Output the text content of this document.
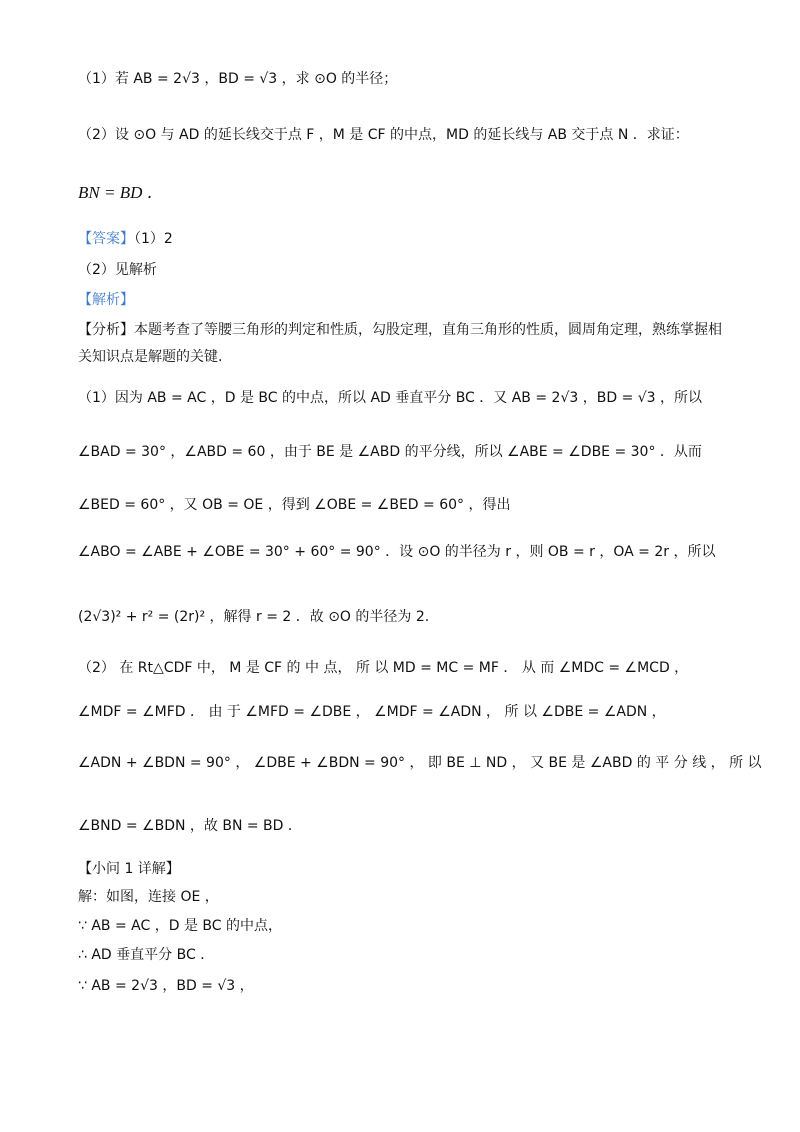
（1）若 AB = 2√3 ，BD = √3 ，求 ⊙O 的半径；
（2）设 ⊙O 与 AD 的延长线交于点 F ，M 是 CF 的中点，MD 的延长线与 AB 交于点 N ．求证：
BN = BD ．
【答案】（1）2
（2）见解析
【解析】
【分析】本题考查了等腰三角形的判定和性质，勾股定理，直角三角形的性质，圆周角定理，熟练掌握相
关知识点是解题的关键.
（1）因为 AB = AC ，D 是 BC 的中点，所以 AD 垂直平分 BC ．又 AB = 2√3 ，BD = √3 ，所以
∠BAD = 30° ，∠ABD = 60 ，由于 BE 是 ∠ABD 的平分线，所以 ∠ABE = ∠DBE = 30° ．从而
∠BED = 60° ，又 OB = OE ，得到 ∠OBE = ∠BED = 60° ，得出
∠ABO = ∠ABE + ∠OBE = 30° + 60° = 90° ．设 ⊙O 的半径为 r ，则 OB = r ，OA = 2r ，所以
(2√3)² + r² = (2r)² ，解得 r = 2 ．故 ⊙O 的半径为 2.
（2） 在 Rt△CDF 中， M 是 CF 的 中 点， 所 以 MD = MC = MF ． 从 而 ∠MDC = ∠MCD ，
∠MDF = ∠MFD ． 由 于 ∠MFD = ∠DBE ， ∠MDF = ∠ADN ， 所 以 ∠DBE = ∠ADN ，
∠ADN + ∠BDN = 90° ， ∠DBE + ∠BDN = 90° ， 即 BE ⊥ ND ， 又 BE 是 ∠ABD 的 平 分 线 ， 所 以
∠BND = ∠BDN ，故 BN = BD ．
【小问 1 详解】
解：如图，连接 OE ，
∵ AB = AC ，D 是 BC 的中点，
∴ AD 垂直平分 BC ．
∵ AB = 2√3 ，BD = √3 ，
